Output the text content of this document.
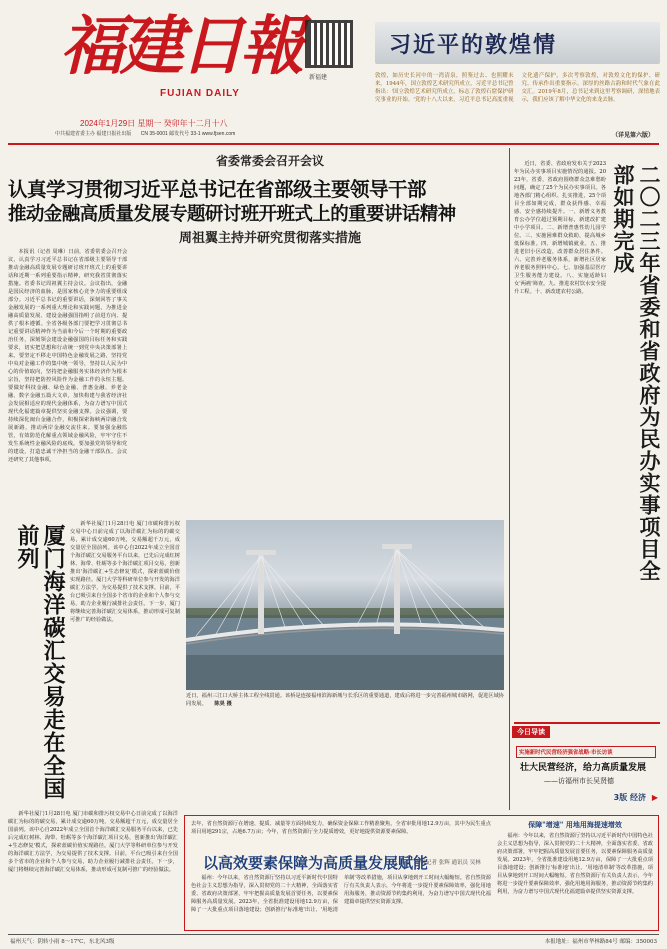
福建日報
FUJIAN DAILY
2024年1月29日 星期一 癸卯年十二月十八
新福建
中共福建省委主办 福建日报社出版 CN 35-0001 邮发代号 33-1 www.fjsen.com
习近平的敦煌情
敦煌，如历史长河中的一湾清泉，照鉴过去、也照耀未来。1944年，国立敦煌艺术研究所成立，习近平总书记曾指出：'国立敦煌艺术研究所成立，标志了敦煌石窟保护研究事业的开始。'党的十八大以来，习近平总书记高度重视文化遗产保护，多次考察敦煌，对敦煌文化的保护、研究、传承作出重要指示。深厚的丝路古韵和时代气象在此交汇。2019年8月，总书记来到这里考察调研，深情地表示，我们应该了解中华文化的来龙去脉。
（详见第六版）
省委常委会召开会议
认真学习贯彻习近平总书记在省部级主要领导干部
推动金融高质量发展专题研讨班开班式上的重要讲话精神
周祖翼主持并研究贯彻落实措施

本报讯（记者 周琳）日前，省委常委会召开会议，认真学习习近平总书记在省部级主要领导干部推动金融高质量发展专题研讨班开班式上的重要讲话和近期一系列重要指示精神，研究我省贯彻落实措施。省委书记周祖翼主持会议。会议指出，金融是国民经济的血脉，是国家核心竞争力的重要组成部分。习近平总书记的重要讲话，深刻回答了事关金融发展的一系列重大理论和实践问题，为推进金融高质量发展、建设金融强国指明了前进方向、提供了根本遵循。全省各级各部门要把学习贯彻总书记重要讲话精神作为当前和今后一个时期的重要政治任务，深刻领会建设金融强国的目标任务和实践要求，切实把思想和行动统一到党中央决策部署上来。要坚定不移走中国特色金融发展之路，坚持党中央对金融工作的集中统一领导，坚持以人民为中心的价值取向，坚持把金融服务实体经济作为根本宗旨，坚持把防控风险作为金融工作的永恒主题。要做好科技金融、绿色金融、普惠金融、养老金融、数字金融五篇大文章，加快构建与我省经济社会发展相适应的现代金融体系，为奋力谱写中国式现代化福建篇章提供坚实金融支撑。会议强调，要持续深化闽台金融合作，积极探索海峡两岸融合发展新路，推动两岸金融交流往来。要加强金融监管，有效防范化解重点领域金融风险，牢牢守住不发生系统性金融风险的底线。要加强党的领导和党的建设，打造忠诚干净担当的金融干部队伍。会议还研究了其他事项。	二〇二三年省委和省政府为民办实事项目全部如期完成

近日，省委、省政府发布关于2023年为民办实事项目实施情况的通报。2023年，省委、省政府围绕群众急难愁盼问题，确定了25个为民办实事项目。各地各部门精心组织、扎实推进，25个项目全部如期完成，群众获得感、幸福感、安全感持续提升。一、新增义务教育公办学位超过预期目标，新建改扩建中小学项目。二、新增普惠性幼儿园学位。三、实施困难群众救助，提高城乡低保标准。四、新增城镇就业。五、推进老旧小区改造，改善群众居住条件。六、完善养老服务体系，新增社区居家养老服务照料中心。七、加强基层医疗卫生服务能力建设。八、实施适龄妇女'两癌'筛查。九、推进农村饮水安全提升工程。十、新改建农村公路。

厦门海洋碳汇交易走在全国前列	新华社厦门1月28日电 厦门市碳和排污权交易中心日前完成了以海洋碳汇为标的的碳交易，累计成交逾60万吨，交易额超千万元，成交量居全国前列。该中心自2022年成立全国首个海洋碳汇交易服务平台以来，已先后完成红树林、海带、牡蛎等多个海洋碳汇项目交易，创新推出'海洋碳汇+生态修复'模式，探索蓝碳价值实现路径。厦门大学等科研单位参与开发的海洋碳汇方法学，为交易提供了技术支撑。目前，平台已吸引来自全国多个省市的企业和个人参与交易，助力企业履行减排社会责任。下一步，厦门将继续完善海洋碳汇交易体系，推动形成可复制可推广的经验做法。

新华社厦门1月28日电 厦门市碳和排污权交易中心日前完成了以海洋碳汇为标的的碳交易，累计成交逾60万吨，交易额超千万元，成交量居全国前列。该中心自2022年成立全国首个海洋碳汇交易服务平台以来，已先后完成红树林、海带、牡蛎等多个海洋碳汇项目交易，创新推出'海洋碳汇+生态修复'模式，探索蓝碳价值实现路径。厦门大学等科研单位参与开发的海洋碳汇方法学，为交易提供了技术支撑。目前，平台已吸引来自全国多个省市的企业和个人参与交易，助力企业履行减排社会责任。下一步，厦门将继续完善海洋碳汇交易体系，推动形成可复制可推广的经验做法。

近日，福州三江口大桥主体工程全线贯通。该桥是连接福州滨海新城与长乐区的重要通道，建成后将进一步完善福州城市路网，促进区域协同发展。 陈昊 摄
今日导读
实施新时代民营经济强省战略·市长访谈
壮大民营经济，给力高质量发展
——访福州市长吴贤德
3版 经济 ▶
去年，省自然资源厅在增速、提质、减量等方面持续发力，确保资金保障工作精准聚焦，全省审批用地12.9万亩，其中为民生重点项目用地291宗，占地6.7万亩；今年，省自然资源厅全力提质增效，更好地提供资源要素保障。
以高效要素保障为高质量发展赋能
本报记者 张辉 通讯员 吴林

福州：今年以来，省自然资源厅坚持以习近平新时代中国特色社会主义思想为指导，深入贯彻党的二十大精神，全面落实省委、省政府决策部署，牢牢把握高质量发展首要任务，以要素保障服务高质量发展。2023年，全省批准建设用地12.9万亩，保障了一大批重点项目落地建设；创新推行'标准地'出让、'用地清单制'等改革措施，项目从拿地到开工时间大幅缩短。省自然资源厅有关负责人表示，今年将进一步提升要素保障效率，强化用地用海服务，推动资源节约集约利用，为奋力谱写中国式现代化福建篇章提供坚实资源支撑。

保障"增速" 用地用海提速增效

福州：今年以来，省自然资源厅坚持以习近平新时代中国特色社会主义思想为指导，深入贯彻党的二十大精神，全面落实省委、省政府决策部署，牢牢把握高质量发展首要任务，以要素保障服务高质量发展。2023年，全省批准建设用地12.9万亩，保障了一大批重点项目落地建设；创新推行'标准地'出让、'用地清单制'等改革措施，项目从拿地到开工时间大幅缩短。省自然资源厅有关负责人表示，今年将进一步提升要素保障效率，强化用地用海服务，推动资源节约集约利用，为奋力谱写中国式现代化福建篇章提供坚实资源支撑。

福州天气：阴转小雨 8～17℃，东北风3级	本报地址：福州市华林路84号 邮编：350003
